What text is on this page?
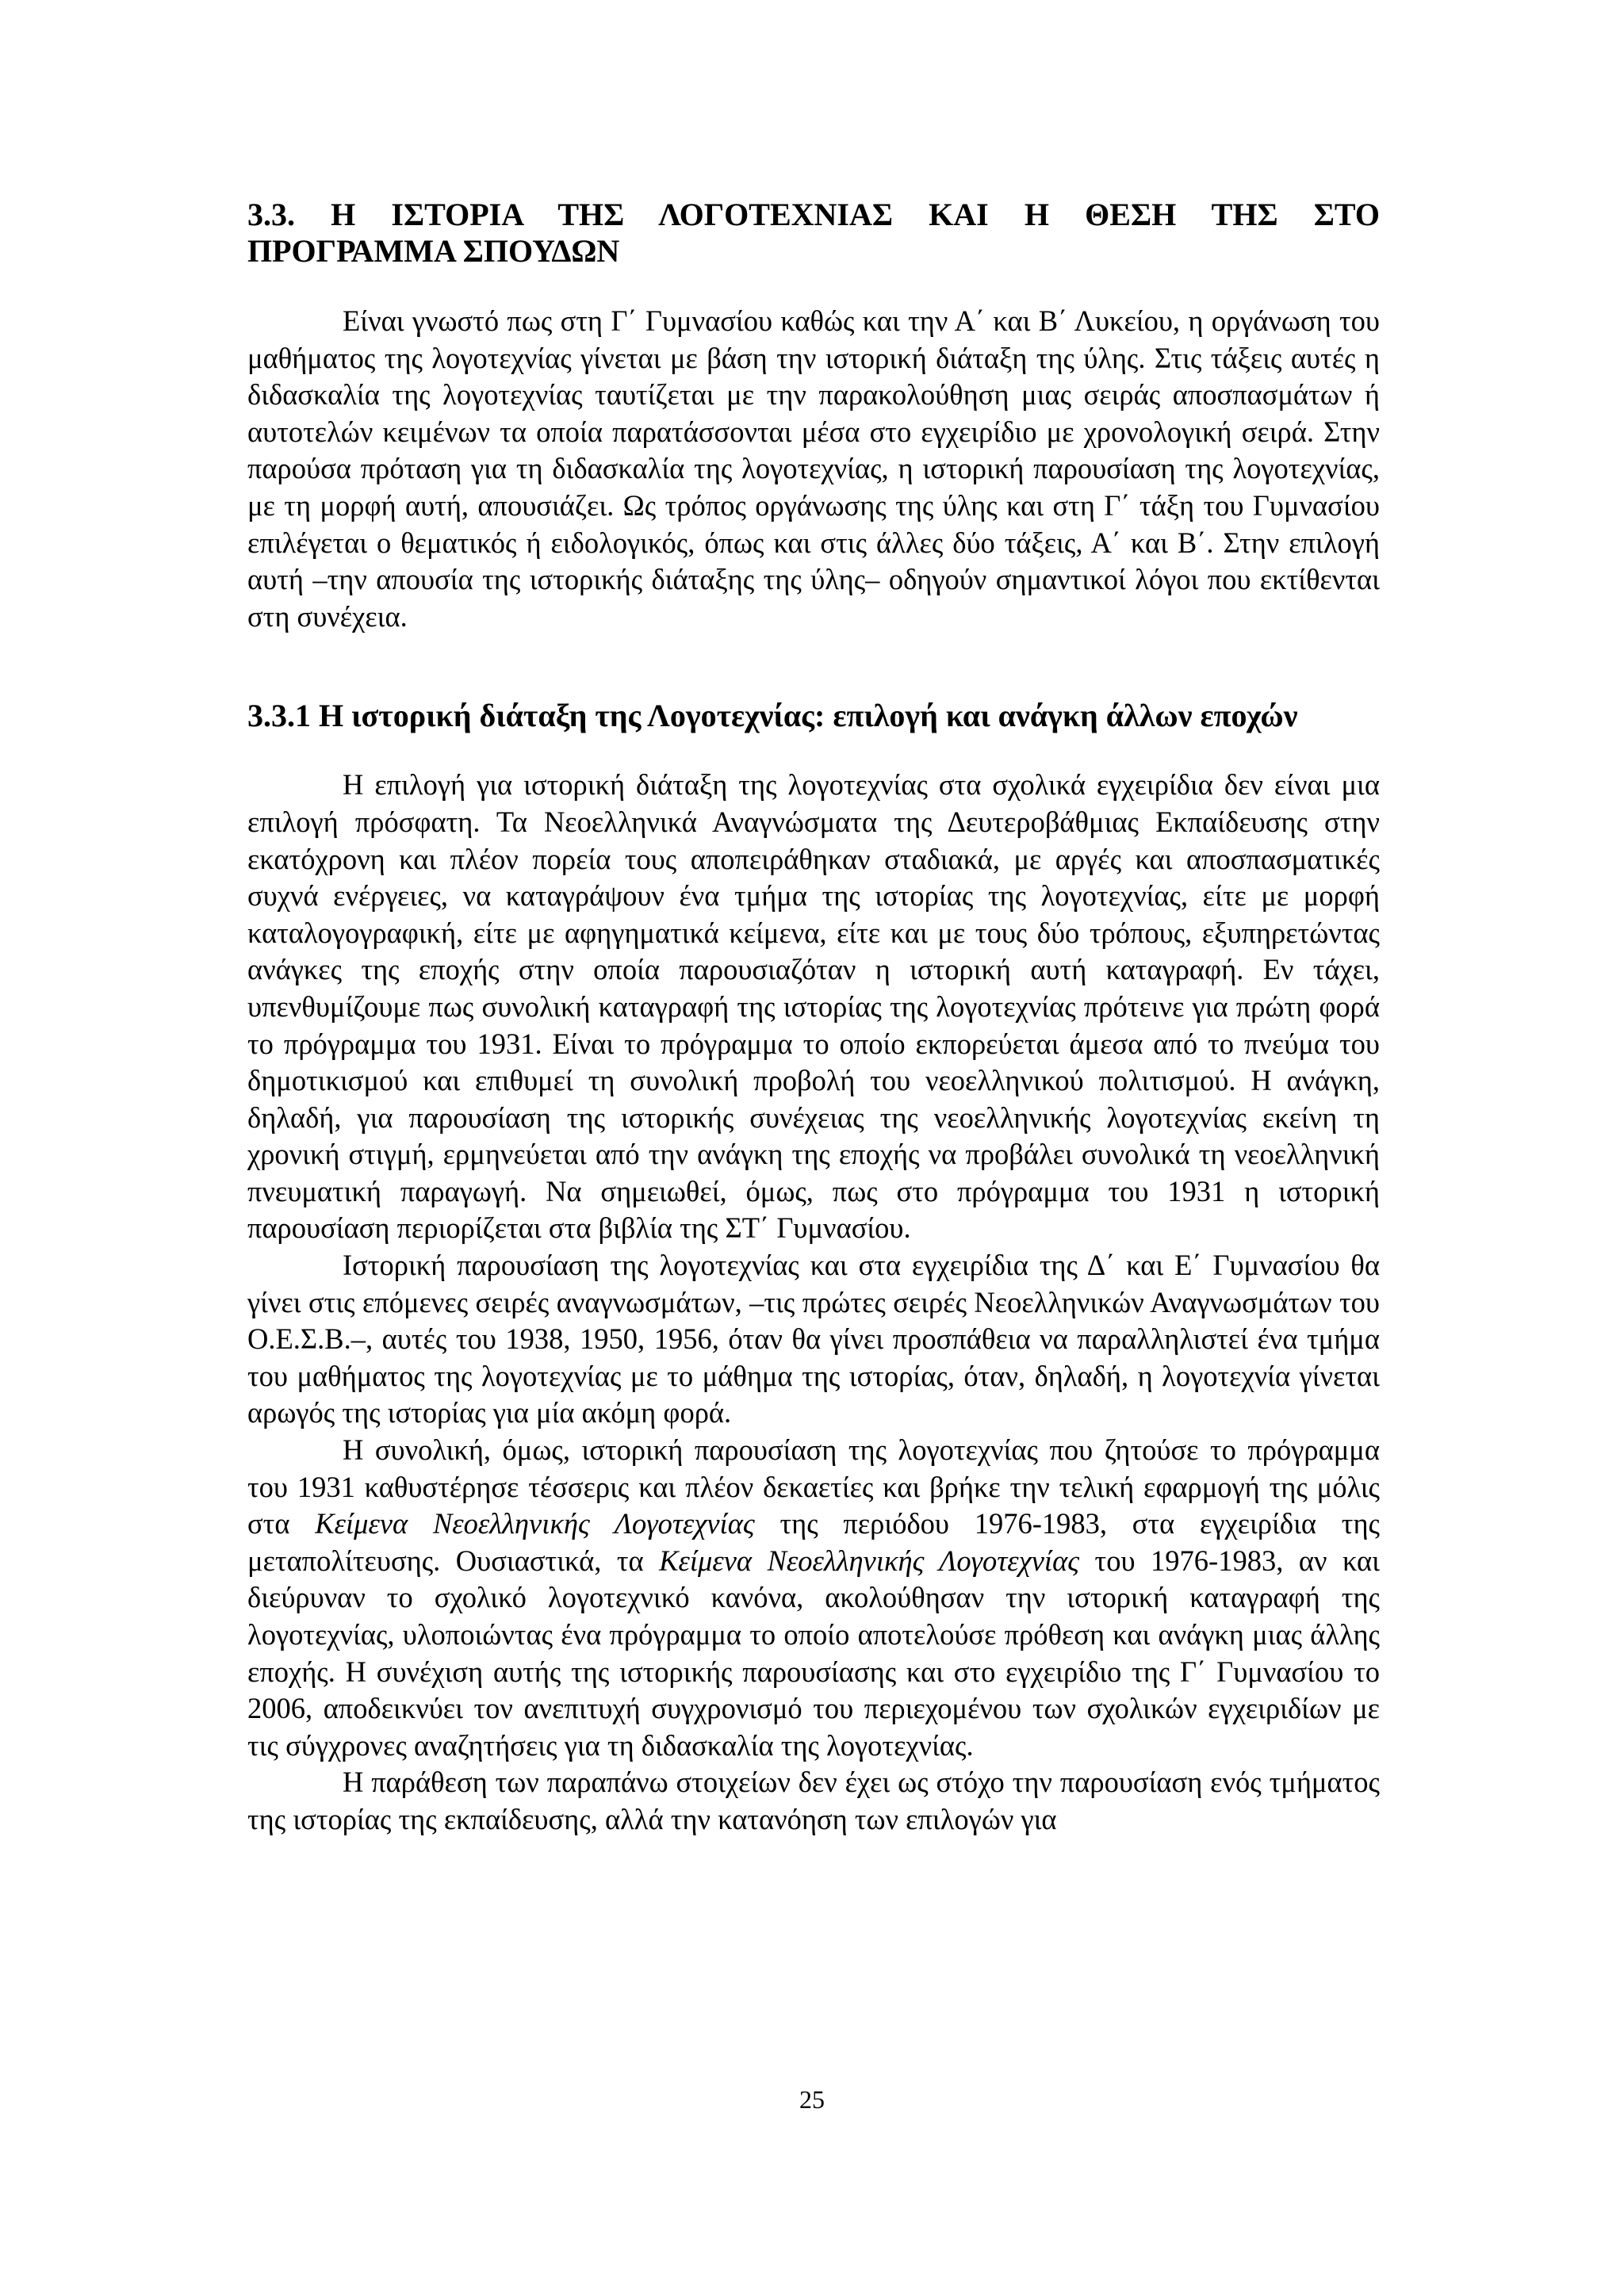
3.3. Η ΙΣΤΟΡΙΑ ΤΗΣ ΛΟΓΟΤΕΧΝΙΑΣ ΚΑΙ Η ΘΕΣΗ ΤΗΣ ΣΤΟ
ΠΡΟΓΡΑΜΜΑ ΣΠΟΥΔΩΝ

Είναι γνωστό πως στη Γ΄ Γυμνασίου καθώς και την Α΄ και Β΄ Λυκείου, η οργάνωση του μαθήματος της λογοτεχνίας γίνεται με βάση την ιστορική διάταξη της ύλης. Στις τάξεις αυτές η διδασκαλία της λογοτεχνίας ταυτίζεται με την παρακολούθηση μιας σειράς αποσπασμάτων ή αυτοτελών κειμένων τα οποία παρατάσσονται μέσα στο εγχειρίδιο με χρονολογική σειρά. Στην παρούσα πρόταση για τη διδασκαλία της λογοτεχνίας, η ιστορική παρουσίαση της λογοτεχνίας, με τη μορφή αυτή, απουσιάζει. Ως τρόπος οργάνωσης της ύλης και στη Γ΄ τάξη του Γυμνασίου επιλέγεται ο θεματικός ή ειδολογικός, όπως και στις άλλες δύο τάξεις, Α΄ και Β΄. Στην επιλογή αυτή –την απουσία της ιστορικής διάταξης της ύλης– οδηγούν σημαντικοί λόγοι που εκτίθενται στη συνέχεια.

3.3.1 Η ιστορική διάταξη της Λογοτεχνίας: επιλογή και ανάγκη άλλων εποχών

Η επιλογή για ιστορική διάταξη της λογοτεχνίας στα σχολικά εγχειρίδια δεν είναι μια επιλογή πρόσφατη. Τα Νεοελληνικά Αναγνώσματα της Δευτεροβάθμιας Εκπαίδευσης στην εκατόχρονη και πλέον πορεία τους αποπειράθηκαν σταδιακά, με αργές και αποσπασματικές συχνά ενέργειες, να καταγράψουν ένα τμήμα της ιστορίας της λογοτεχνίας, είτε με μορφή καταλογογραφική, είτε με αφηγηματικά κείμενα, είτε και με τους δύο τρόπους, εξυπηρετώντας ανάγκες της εποχής στην οποία παρουσιαζόταν η ιστορική αυτή καταγραφή. Εν τάχει, υπενθυμίζουμε πως συνολική καταγραφή της ιστορίας της λογοτεχνίας πρότεινε για πρώτη φορά το πρόγραμμα του 1931. Είναι το πρόγραμμα το οποίο εκπορεύεται άμεσα από το πνεύμα του δημοτικισμού και επιθυμεί τη συνολική προβολή του νεοελληνικού πολιτισμού. Η ανάγκη, δηλαδή, για παρουσίαση της ιστορικής συνέχειας της νεοελληνικής λογοτεχνίας εκείνη τη χρονική στιγμή, ερμηνεύεται από την ανάγκη της εποχής να προβάλει συνολικά τη νεοελληνική πνευματική παραγωγή. Να σημειωθεί, όμως, πως στο πρόγραμμα του 1931 η ιστορική παρουσίαση περιορίζεται στα βιβλία της ΣΤ΄ Γυμνασίου.

Ιστορική παρουσίαση της λογοτεχνίας και στα εγχειρίδια της Δ΄ και Ε΄ Γυμνασίου θα γίνει στις επόμενες σειρές αναγνωσμάτων, –τις πρώτες σειρές Νεοελληνικών Αναγνωσμάτων του Ο.Ε.Σ.Β.–, αυτές του 1938, 1950, 1956, όταν θα γίνει προσπάθεια να παραλληλιστεί ένα τμήμα του μαθήματος της λογοτεχνίας με το μάθημα της ιστορίας, όταν, δηλαδή, η λογοτεχνία γίνεται αρωγός της ιστορίας για μία ακόμη φορά.

Η συνολική, όμως, ιστορική παρουσίαση της λογοτεχνίας που ζητούσε το πρόγραμμα του 1931 καθυστέρησε τέσσερις και πλέον δεκαετίες και βρήκε την τελική εφαρμογή της μόλις στα Κείμενα Νεοελληνικής Λογοτεχνίας της περιόδου 1976-1983, στα εγχειρίδια της μεταπολίτευσης. Ουσιαστικά, τα Κείμενα Νεοελληνικής Λογοτεχνίας του 1976-1983, αν και διεύρυναν το σχολικό λογοτεχνικό κανόνα, ακολούθησαν την ιστορική καταγραφή της λογοτεχνίας, υλοποιώντας ένα πρόγραμμα το οποίο αποτελούσε πρόθεση και ανάγκη μιας άλλης εποχής. Η συνέχιση αυτής της ιστορικής παρουσίασης και στο εγχειρίδιο της Γ΄ Γυμνασίου το 2006, αποδεικνύει τον ανεπιτυχή συγχρονισμό του περιεχομένου των σχολικών εγχειριδίων με τις σύγχρονες αναζητήσεις για τη διδασκαλία της λογοτεχνίας.

Η παράθεση των παραπάνω στοιχείων δεν έχει ως στόχο την παρουσίαση ενός τμήματος της ιστορίας της εκπαίδευσης, αλλά την κατανόηση των επιλογών για

25
